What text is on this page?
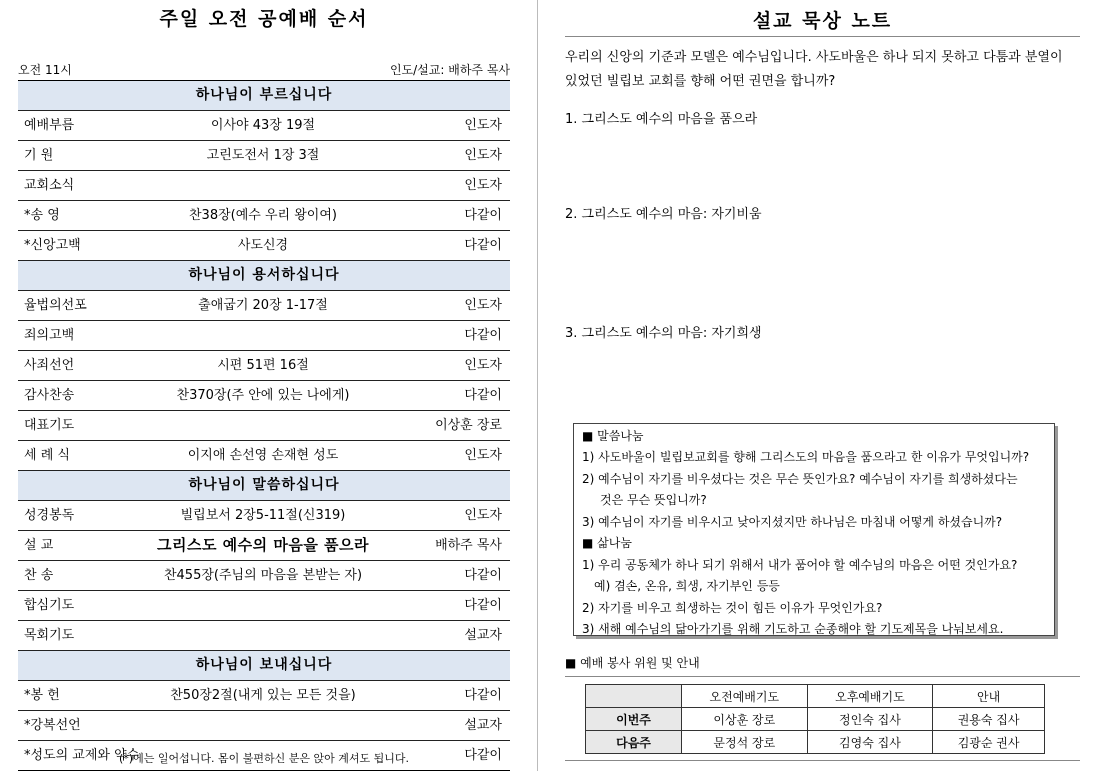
주일 오전 공예배 순서
오전 11시	인도/설교: 배하주 목사
하나님이 부르십니다
예배부름	이사야 43장 19절	인도자
기 원	고린도전서 1장 3절	인도자
교회소식	인도자
*송 영	찬38장(예수 우리 왕이여)	다같이
*신앙고백	사도신경	다같이
하나님이 용서하십니다
율법의선포	출애굽기 20장 1-17절	인도자
죄의고백	다같이
사죄선언	시편 51편 16절	인도자
감사찬송	찬370장(주 안에 있는 나에게)	다같이
대표기도	이상훈 장로
세 례 식	이지애 손선영 손재현 성도	인도자
하나님이 말씀하십니다
성경봉독	빌립보서 2장5-11절(신319)	인도자
설 교	그리스도 예수의 마음을 품으라	배하주 목사
찬 송	찬455장(주님의 마음을 본받는 자)	다같이
합심기도	다같이
목회기도	설교자
하나님이 보내십니다
*봉 헌	찬50장2절(내게 있는 모든 것을)	다같이
*강복선언	설교자
*성도의 교제와 약수	다같이
(*)에는 일어섭니다. 몸이 불편하신 분은 앉아 계셔도 됩니다.
설교 묵상 노트
우리의 신앙의 기준과 모델은 예수님입니다. 사도바울은 하나 되지 못하고 다툼과 분열이
있었던 빌립보 교회를 향해 어떤 권면을 합니까?
1. 그리스도 예수의 마음을 품으라
2. 그리스도 예수의 마음: 자기비움
3. 그리스도 예수의 마음: 자기희생
■ 말씀나눔
1) 사도바울이 빌립보교회를 향해 그리스도의 마음을 품으라고 한 이유가 무엇입니까?
2) 예수님이 자기를 비우셨다는 것은 무슨 뜻인가요? 예수님이 자기를 희생하셨다는
것은 무슨 뜻입니까?
3) 예수님이 자기를 비우시고 낮아지셨지만 하나님은 마침내 어떻게 하셨습니까?
■ 삶나눔
1) 우리 공동체가 하나 되기 위해서 내가 품어야 할 예수님의 마음은 어떤 것인가요?
예) 겸손, 온유, 희생, 자기부인 등등
2) 자기를 비우고 희생하는 것이 힘든 이유가 무엇인가요?
3) 새해 예수님의 닮아가기를 위해 기도하고 순종해야 할 기도제목을 나눠보세요.
■ 예배 봉사 위원 및 안내
	오전예배기도	오후예배기도	안내
이번주	이상훈 장로	정인숙 집사	권용숙 집사
다음주	문정석 장로	김영숙 집사	김광순 권사
